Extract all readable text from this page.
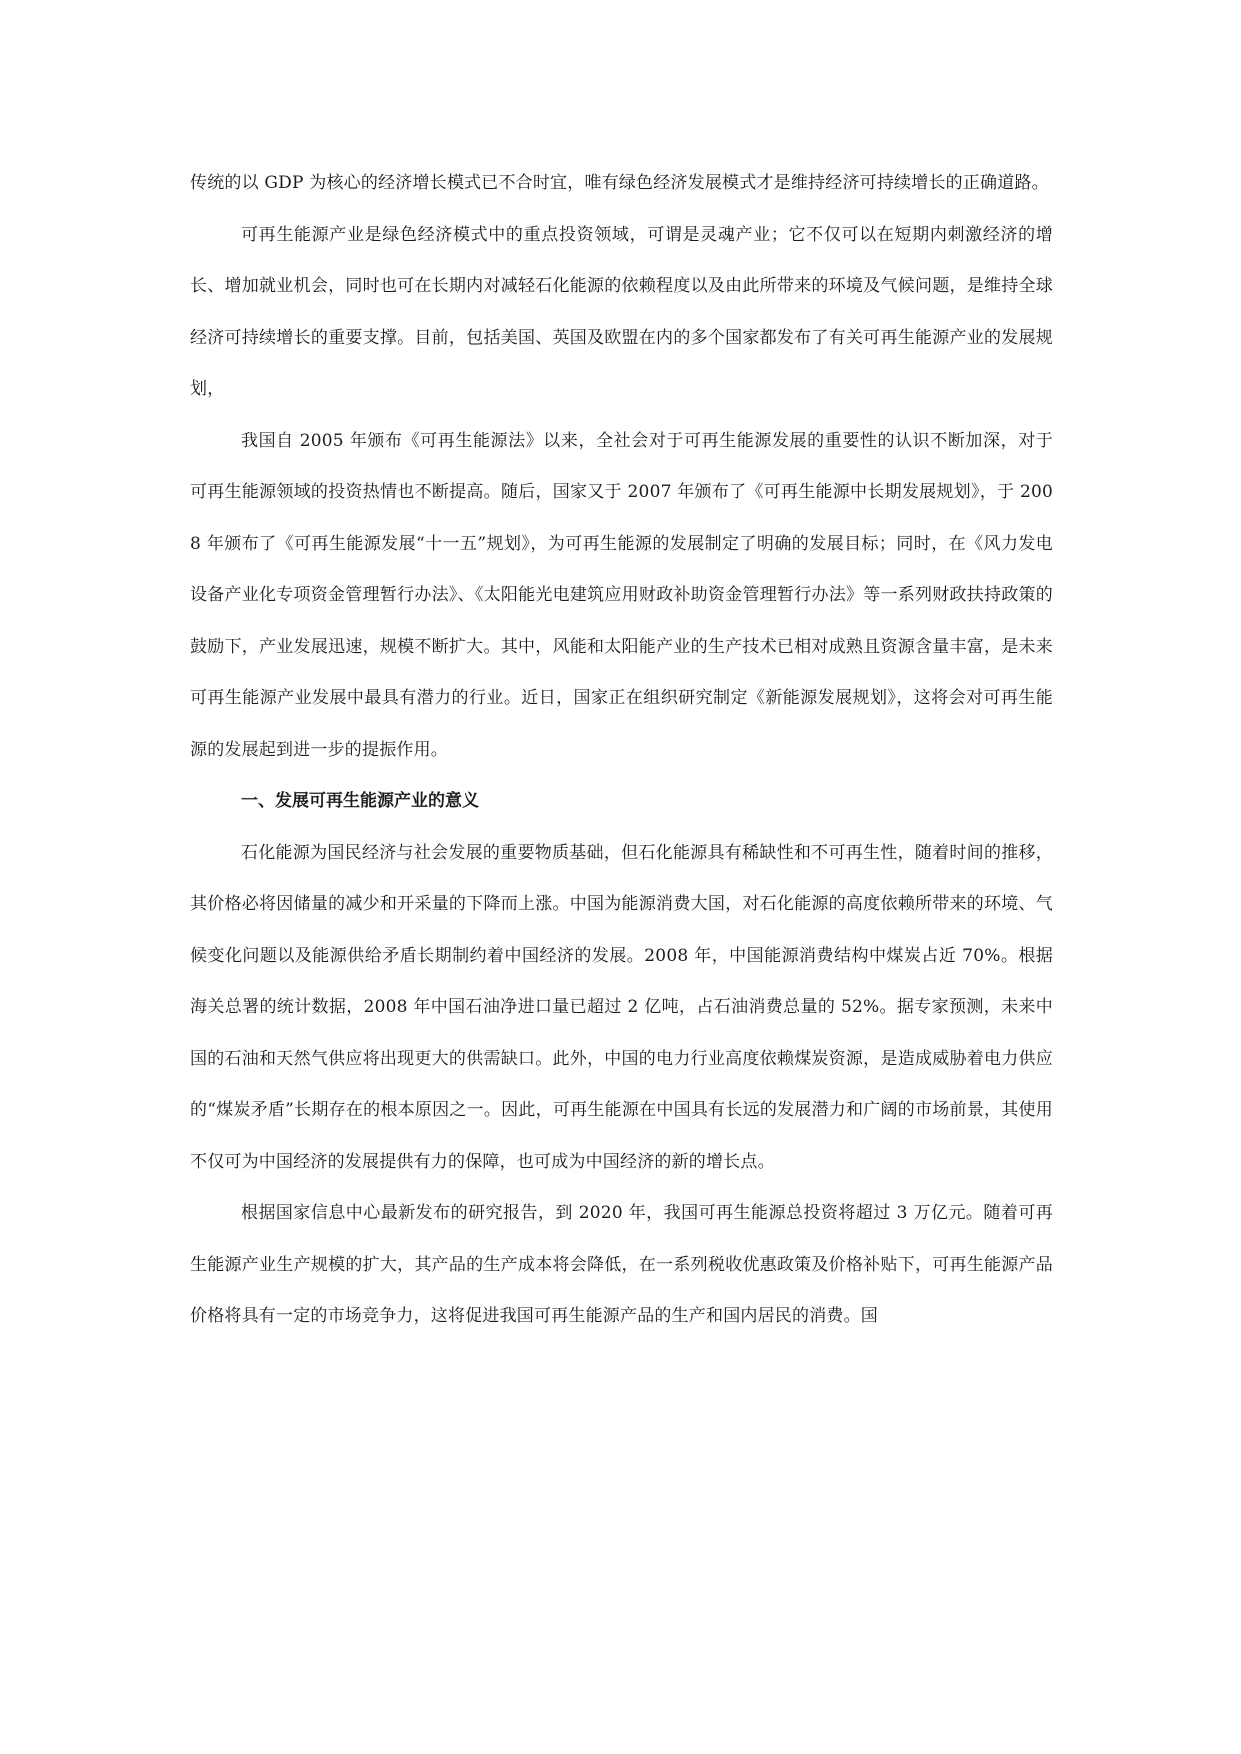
传统的以 GDP 为核心的经济增长模式已不合时宜，唯有绿色经济发展模式才是维持经济可持续增长的正确道路。

可再生能源产业是绿色经济模式中的重点投资领域，可谓是灵魂产业；它不仅可以在短期内刺激经济的增长、增加就业机会，同时也可在长期内对减轻石化能源的依赖程度以及由此所带来的环境及气候问题，是维持全球经济可持续增长的重要支撑。目前，包括美国、英国及欧盟在内的多个国家都发布了有关可再生能源产业的发展规划，

我国自 2005 年颁布《可再生能源法》以来，全社会对于可再生能源发展的重要性的认识不断加深，对于可再生能源领域的投资热情也不断提高。随后，国家又于 2007 年颁布了《可再生能源中长期发展规划》，于 2008 年颁布了《可再生能源发展“十一五”规划》，为可再生能源的发展制定了明确的发展目标；同时，在《风力发电设备产业化专项资金管理暂行办法》、《太阳能光电建筑应用财政补助资金管理暂行办法》等一系列财政扶持政策的鼓励下，产业发展迅速，规模不断扩大。其中，风能和太阳能产业的生产技术已相对成熟且资源含量丰富，是未来可再生能源产业发展中最具有潜力的行业。近日，国家正在组织研究制定《新能源发展规划》，这将会对可再生能源的发展起到进一步的提振作用。

一、发展可再生能源产业的意义

石化能源为国民经济与社会发展的重要物质基础，但石化能源具有稀缺性和不可再生性，随着时间的推移，其价格必将因储量的减少和开采量的下降而上涨。中国为能源消费大国，对石化能源的高度依赖所带来的环境、气候变化问题以及能源供给矛盾长期制约着中国经济的发展。2008 年，中国能源消费结构中煤炭占近 70%。根据海关总署的统计数据，2008 年中国石油净进口量已超过 2 亿吨，占石油消费总量的 52%。据专家预测，未来中国的石油和天然气供应将出现更大的供需缺口。此外，中国的电力行业高度依赖煤炭资源，是造成威胁着电力供应的“煤炭矛盾”长期存在的根本原因之一。因此，可再生能源在中国具有长远的发展潜力和广阔的市场前景，其使用不仅可为中国经济的发展提供有力的保障，也可成为中国经济的新的增长点。

根据国家信息中心最新发布的研究报告，到 2020 年，我国可再生能源总投资将超过 3 万亿元。随着可再生能源产业生产规模的扩大，其产品的生产成本将会降低，在一系列税收优惠政策及价格补贴下，可再生能源产品价格将具有一定的市场竞争力，这将促进我国可再生能源产品的生产和国内居民的消费。国
